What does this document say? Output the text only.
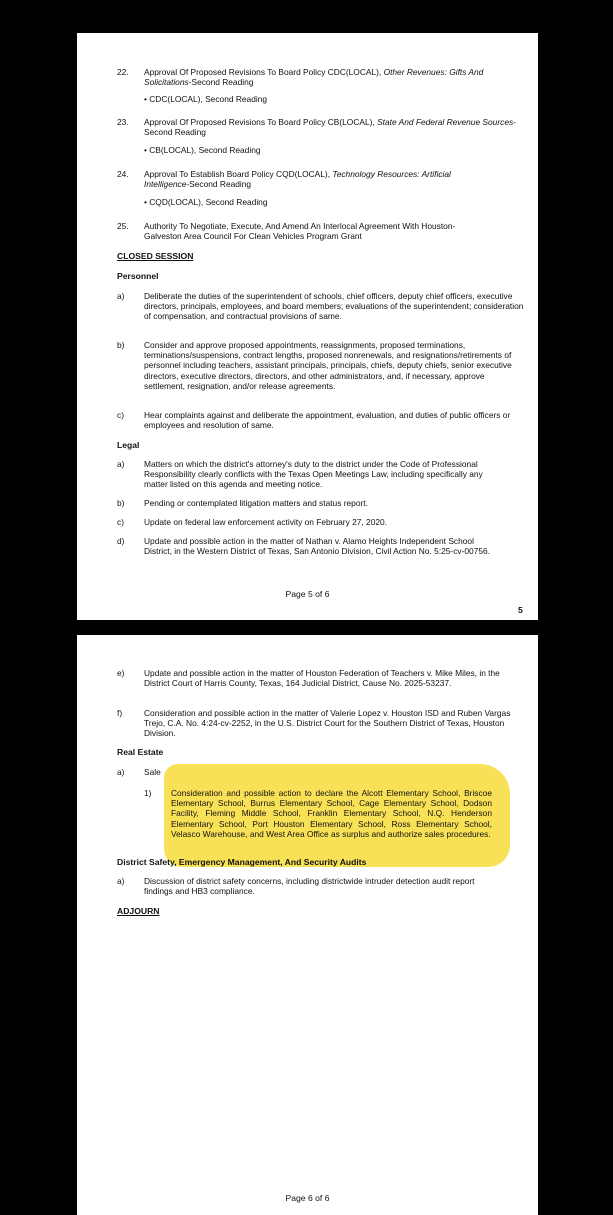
22. Approval Of Proposed Revisions To Board Policy CDC(LOCAL), Other Revenues: Gifts And Solicitations-Second Reading
• CDC(LOCAL), Second Reading
23. Approval Of Proposed Revisions To Board Policy CB(LOCAL), State And Federal Revenue Sources-Second Reading
• CB(LOCAL), Second Reading
24. Approval To Establish Board Policy CQD(LOCAL), Technology Resources: Artificial Intelligence-Second Reading
• CQD(LOCAL), Second Reading
25. Authority To Negotiate, Execute, And Amend An Interlocal Agreement With Houston-Galveston Area Council For Clean Vehicles Program Grant
CLOSED SESSION
Personnel
a) Deliberate the duties of the superintendent of schools, chief officers, deputy chief officers, executive directors, principals, employees, and board members; evaluations of the superintendent; consideration of compensation, and contractual provisions of same.
b) Consider and approve proposed appointments, reassignments, proposed terminations, terminations/suspensions, contract lengths, proposed nonrenewals, and resignations/retirements of personnel including teachers, assistant principals, principals, chiefs, deputy chiefs, senior executive directors, executive directors, directors, and other administrators, and, if necessary, approve settlement, resignation, and/or release agreements.
c) Hear complaints against and deliberate the appointment, evaluation, and duties of public officers or employees and resolution of same.
Legal
a) Matters on which the district's attorney's duty to the district under the Code of Professional Responsibility clearly conflicts with the Texas Open Meetings Law, including specifically any matter listed on this agenda and meeting notice.
b) Pending or contemplated litigation matters and status report.
c) Update on federal law enforcement activity on February 27, 2020.
d) Update and possible action in the matter of Nathan v. Alamo Heights Independent School District, in the Western District of Texas, San Antonio Division, Civil Action No. 5:25-cv-00756.
Page 5 of 6
5
e) Update and possible action in the matter of Houston Federation of Teachers v. Mike Miles, in the District Court of Harris County, Texas, 164 Judicial District, Cause No. 2025-53237.
f)	Consideration and possible action in the matter of Valerie Lopez v. Houston ISD and Ruben Vargas Trejo, C.A. No. 4:24-cv-2252, in the U.S. District Court for the Southern District of Texas, Houston Division.
Real Estate
a) Sale
1) Consideration and possible action to declare the Alcott Elementary School, Briscoe Elementary School, Burrus Elementary School, Cage Elementary School, Dodson Facility, Fleming Middle School, Franklin Elementary School, N.Q. Henderson Elementary School, Port Houston Elementary School, Ross Elementary School, Velasco Warehouse, and West Area Office as surplus and authorize sales procedures.
District Safety, Emergency Management, And Security Audits
a) Discussion of district safety concerns, including districtwide intruder detection audit report findings and HB3 compliance.
ADJOURN
Page 6 of 6
